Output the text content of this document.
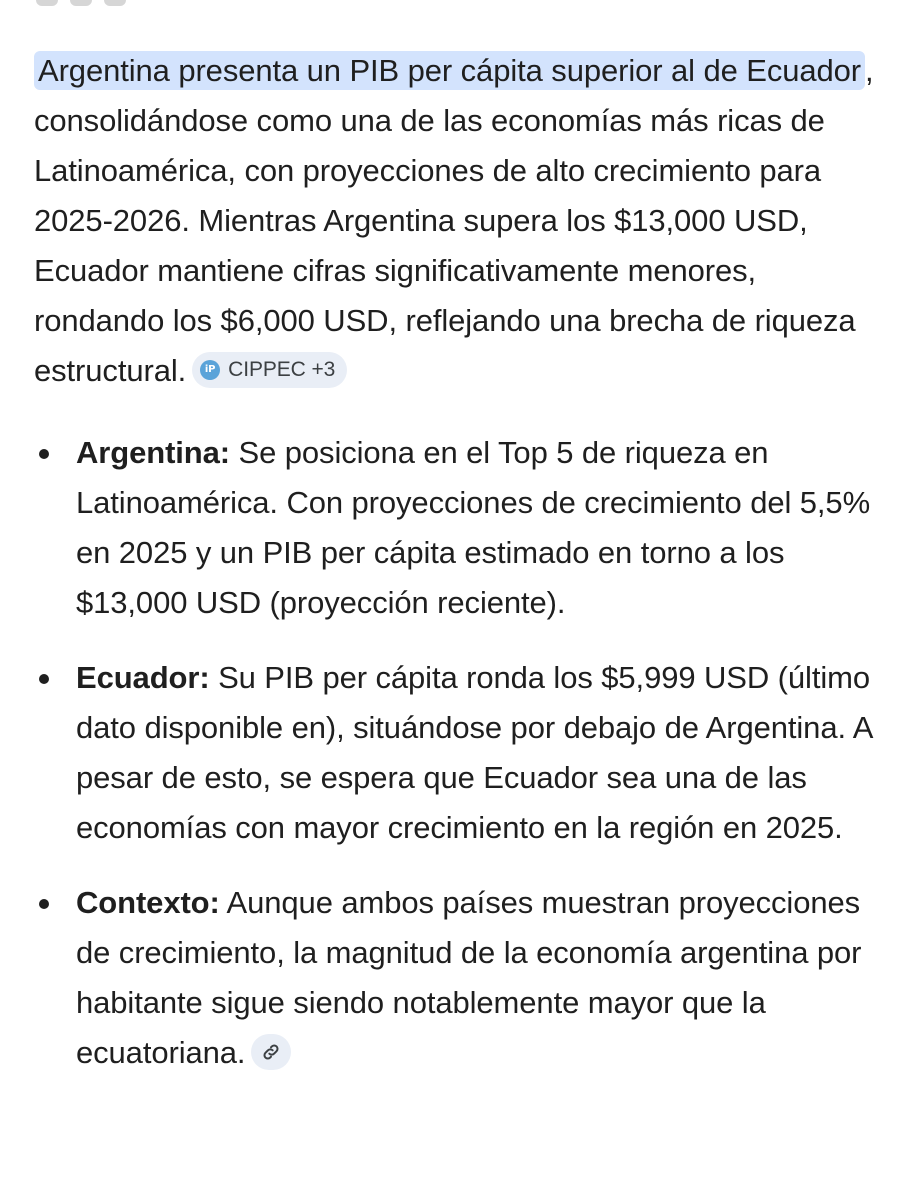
Argentina presenta un PIB per cápita superior al de Ecuador , consolidándose como una de las economías más ricas de Latinoamérica, con proyecciones de alto crecimiento para 2025-2026. Mientras Argentina supera los $13,000 USD, Ecuador mantiene cifras significativamente menores, rondando los $6,000 USD, reflejando una brecha de riqueza
estructural.	iP CIPPEC +3

Argentina: Se posiciona en el Top 5 de riqueza en Latinoamérica. Con proyecciones de crecimiento del 5,5% en 2025 y un PIB per cápita estimado en torno a los $13,000 USD (proyección reciente).
Ecuador: Su PIB per cápita ronda los $5,999 USD (último dato disponible en), situándose por debajo de Argentina. A pesar de esto, se espera que Ecuador sea una de las economías con mayor crecimiento en la región en 2025.
Contexto: Aunque ambos países muestran proyecciones de crecimiento, la magnitud de la economía argentina por habitante sigue siendo notablemente mayor que la ecuatoriana.
